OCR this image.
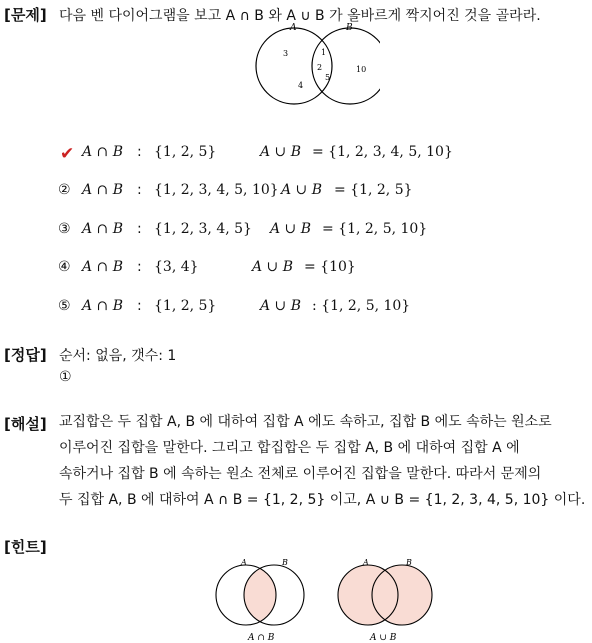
[문제] 다음 벤 다이어그램을 보고 A ∩ B 와 A ∪ B 가 올바르게 짝지어진 것을 골라라.
A	B
3
4
1
2
5
10
✔ A ∩ B : {1, 2, 5}	A ∪ B = {1, 2, 3, 4, 5, 10}
② A ∩ B : {1, 2, 3, 4, 5, 10} A ∪ B = {1, 2, 5}
③ A ∩ B : {1, 2, 3, 4, 5} A ∪ B = {1, 2, 5, 10}
④ A ∩ B : {3, 4}	A ∪ B = {10}
⑤ A ∩ B : {1, 2, 5}	A ∪ B : {1, 2, 5, 10}
[정답] 순서: 없음, 갯수: 1
①
[해설] 교집합은 두 집합 A, B 에 대하여 집합 A 에도 속하고, 집합 B 에도 속하는 원소로
이루어진 집합을 말한다. 그리고 합집합은 두 집합 A, B 에 대하여 집합 A 에
속하거나 집합 B 에 속하는 원소 전체로 이루어진 집합을 말한다. 따라서 문제의
두 집합 A, B 에 대하여 A ∩ B = {1, 2, 5} 이고, A ∪ B = {1, 2, 3, 4, 5, 10} 이다.
[힌트]
A	B
A ∩ B
A	B
A ∪ B
